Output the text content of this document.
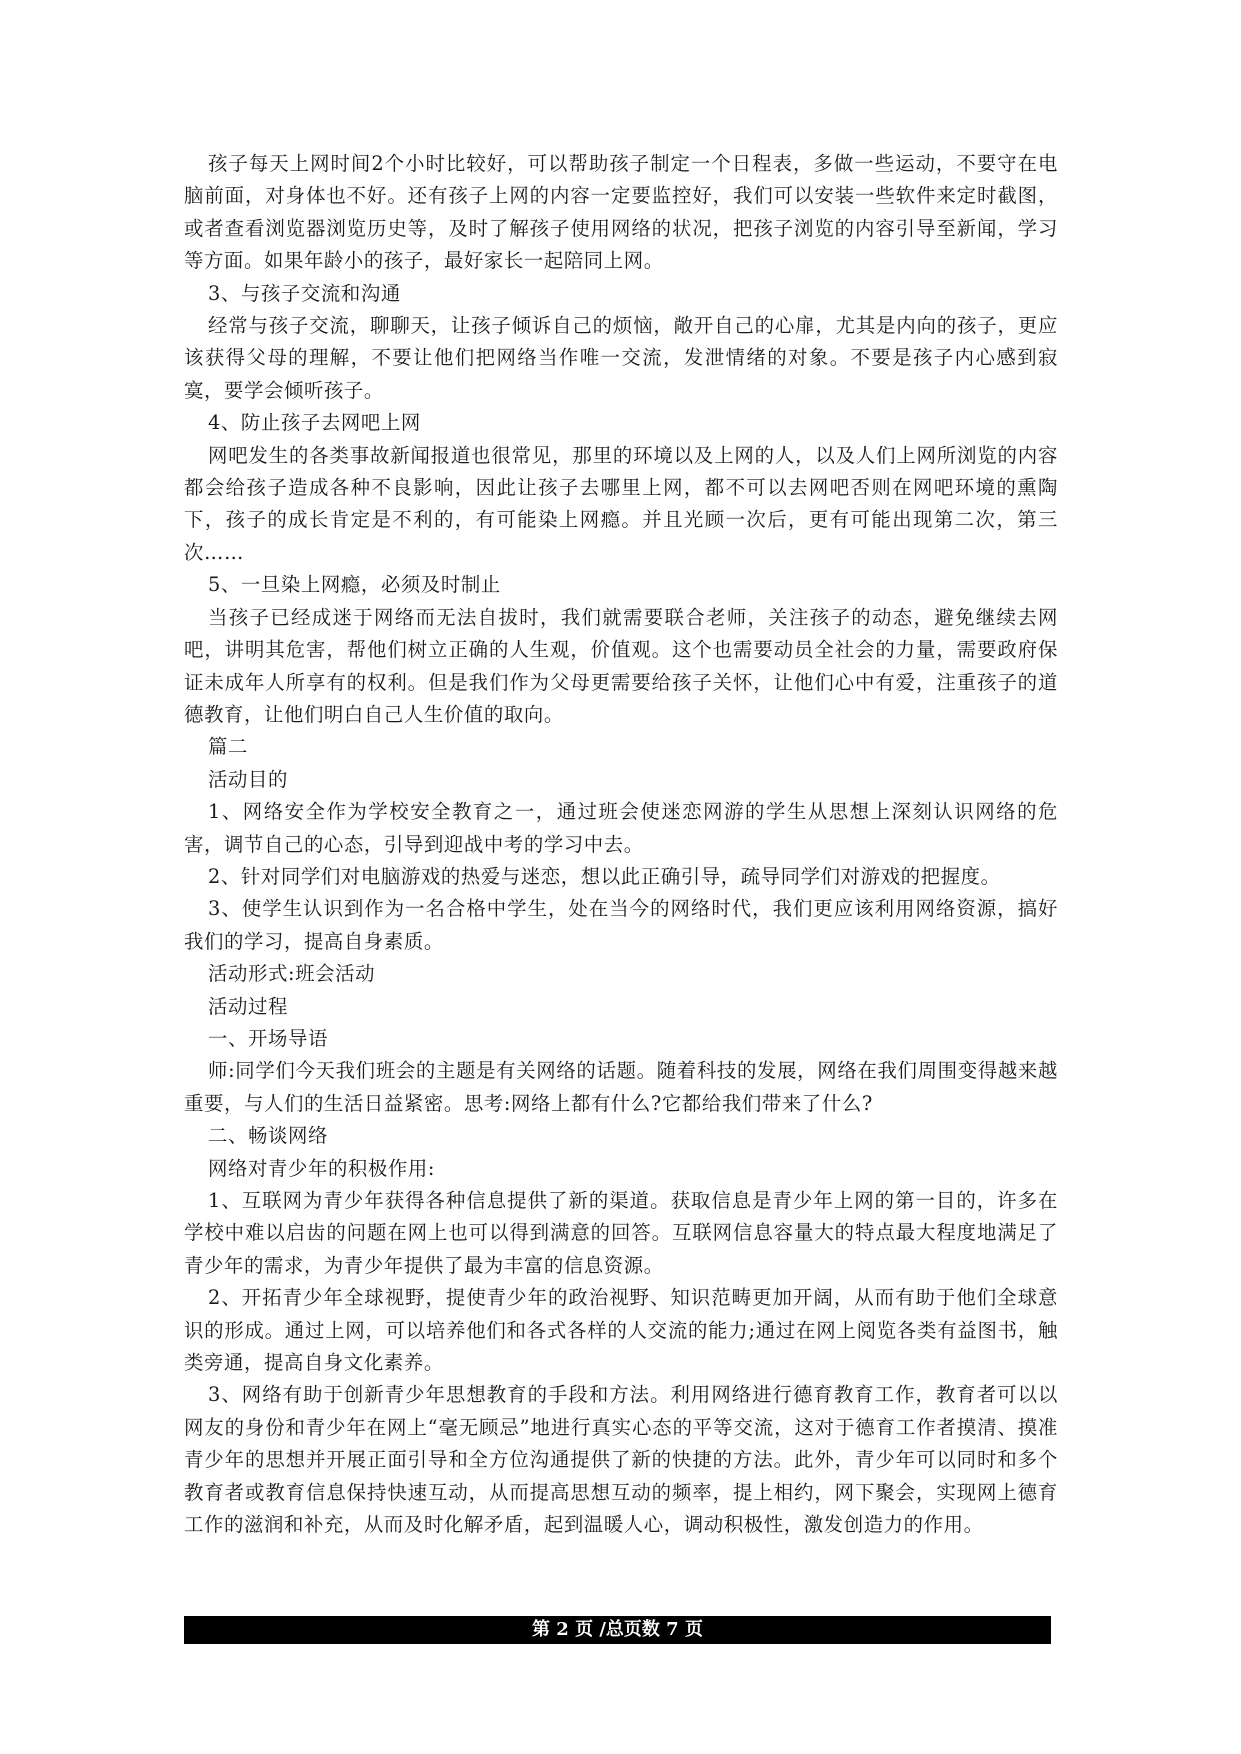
孩子每天上网时间2个小时比较好，可以帮助孩子制定一个日程表，多做一些运动，不要守在电脑前面，对身体也不好。还有孩子上网的内容一定要监控好，我们可以安装一些软件来定时截图，或者查看浏览器浏览历史等，及时了解孩子使用网络的状况，把孩子浏览的内容引导至新闻，学习等方面。如果年龄小的孩子，最好家长一起陪同上网。

3、与孩子交流和沟通

经常与孩子交流，聊聊天，让孩子倾诉自己的烦恼，敞开自己的心扉，尤其是内向的孩子，更应该获得父母的理解，不要让他们把网络当作唯一交流，发泄情绪的对象。不要是孩子内心感到寂寞，要学会倾听孩子。

4、防止孩子去网吧上网

网吧发生的各类事故新闻报道也很常见，那里的环境以及上网的人，以及人们上网所浏览的内容都会给孩子造成各种不良影响，因此让孩子去哪里上网，都不可以去网吧否则在网吧环境的熏陶下，孩子的成长肯定是不利的，有可能染上网瘾。并且光顾一次后，更有可能出现第二次，第三次……

5、一旦染上网瘾，必须及时制止

当孩子已经成迷于网络而无法自拔时，我们就需要联合老师，关注孩子的动态，避免继续去网吧，讲明其危害，帮他们树立正确的人生观，价值观。这个也需要动员全社会的力量，需要政府保证未成年人所享有的权利。但是我们作为父母更需要给孩子关怀，让他们心中有爱，注重孩子的道德教育，让他们明白自己人生价值的取向。

篇二

活动目的

1、网络安全作为学校安全教育之一，通过班会使迷恋网游的学生从思想上深刻认识网络的危害，调节自己的心态，引导到迎战中考的学习中去。

2、针对同学们对电脑游戏的热爱与迷恋，想以此正确引导，疏导同学们对游戏的把握度。

3、使学生认识到作为一名合格中学生，处在当今的网络时代，我们更应该利用网络资源，搞好我们的学习，提高自身素质。

活动形式:班会活动

活动过程

一、开场导语

师:同学们今天我们班会的主题是有关网络的话题。随着科技的发展，网络在我们周围变得越来越重要，与人们的生活日益紧密。思考:网络上都有什么?它都给我们带来了什么?

二、畅谈网络

网络对青少年的积极作用:

1、互联网为青少年获得各种信息提供了新的渠道。获取信息是青少年上网的第一目的，许多在学校中难以启齿的问题在网上也可以得到满意的回答。互联网信息容量大的特点最大程度地满足了青少年的需求，为青少年提供了最为丰富的信息资源。

2、开拓青少年全球视野，提使青少年的政治视野、知识范畴更加开阔，从而有助于他们全球意识的形成。通过上网，可以培养他们和各式各样的人交流的能力;通过在网上阅览各类有益图书，触类旁通，提高自身文化素养。

3、网络有助于创新青少年思想教育的手段和方法。利用网络进行德育教育工作，教育者可以以网友的身份和青少年在网上“毫无顾忌”地进行真实心态的平等交流，这对于德育工作者摸清、摸准青少年的思想并开展正面引导和全方位沟通提供了新的快捷的方法。此外，青少年可以同时和多个教育者或教育信息保持快速互动，从而提高思想互动的频率，提上相约，网下聚会，实现网上德育工作的滋润和补充，从而及时化解矛盾，起到温暖人心，调动积极性，激发创造力的作用。

第 2 页 /总页数 7 页
